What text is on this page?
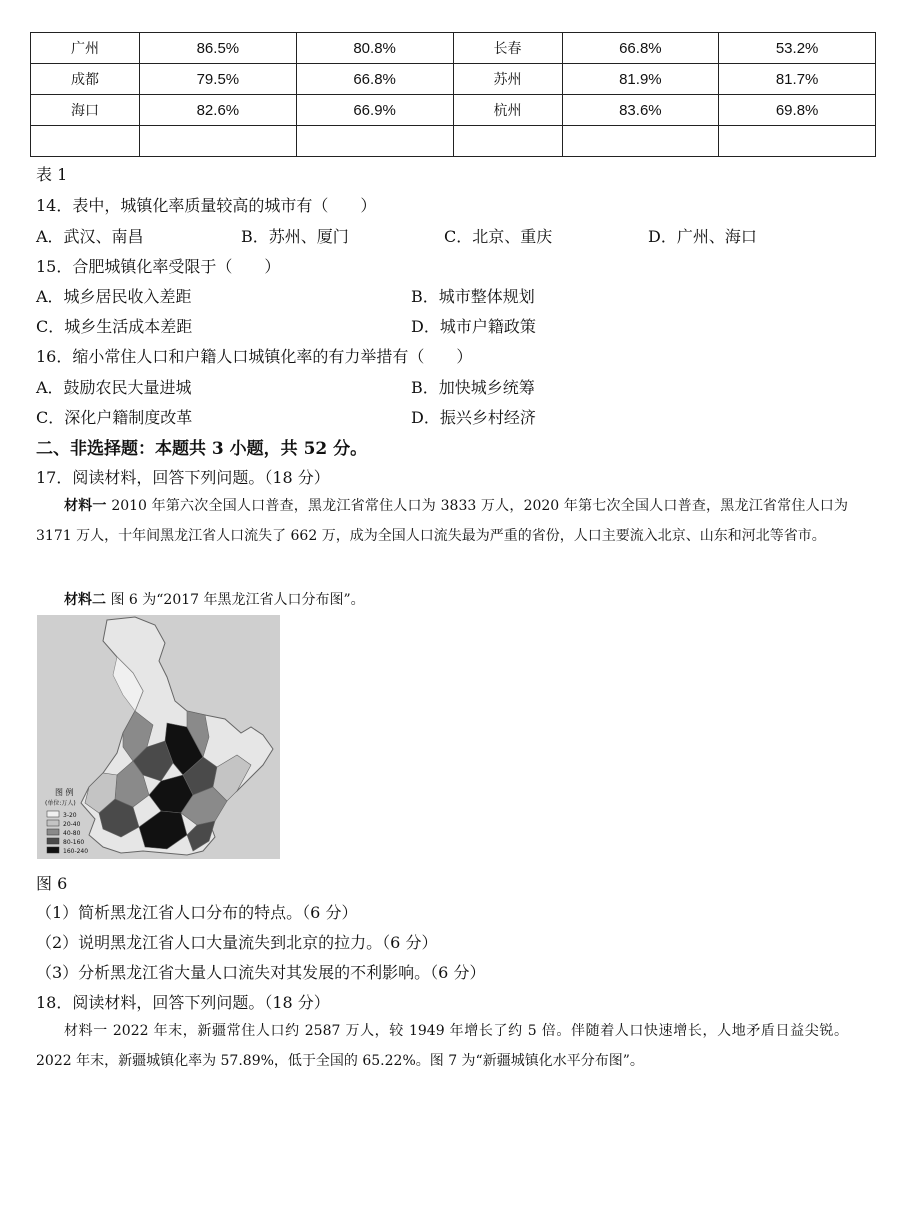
广州	86.5%	80.8%	长春	66.8%	53.2%
成都	79.5%	66.8%	苏州	81.9%	81.7%
海口	82.6%	66.9%	杭州	83.6%	69.8%

表 1
14．表中，城镇化率质量较高的城市有（　　）
A．武汉、南昌	B．苏州、厦门	C．北京、重庆	D．广州、海口
15．合肥城镇化率受限于（　　）
A．城乡居民收入差距	B．城市整体规划
C．城乡生活成本差距	D．城市户籍政策
16．缩小常住人口和户籍人口城镇化率的有力举措有（　　）
A．鼓励农民大量进城	B．加快城乡统筹
C．深化户籍制度改革	D．振兴乡村经济
二、非选择题：本题共 3 小题，共 52 分。
17．阅读材料，回答下列问题。（18 分）
材料一 2010 年第六次全国人口普查，黑龙江省常住人口为 3833 万人，2020 年第七次全国人口普查，黑龙江省常住人口为 3171 万人，十年间黑龙江省人口流失了 662 万，成为全国人口流失最为严重的省份，人口主要流入北京、山东和河北等省市。
材料二 图 6 为“2017 年黑龙江省人口分布图”。
图 例
(单位:万人)
3-20
20-40
40-80
80-160
160-240
图 6
（1）简析黑龙江省人口分布的特点。（6 分）
（2）说明黑龙江省人口大量流失到北京的拉力。（6 分）
（3）分析黑龙江省大量人口流失对其发展的不利影响。（6 分）
18．阅读材料，回答下列问题。（18 分）
材料一 2022 年末，新疆常住人口约 2587 万人，较 1949 年增长了约 5 倍。伴随着人口快速增长，人地矛盾日益尖锐。2022 年末，新疆城镇化率为 57.89%，低于全国的 65.22%。图 7 为“新疆城镇化水平分布图”。
